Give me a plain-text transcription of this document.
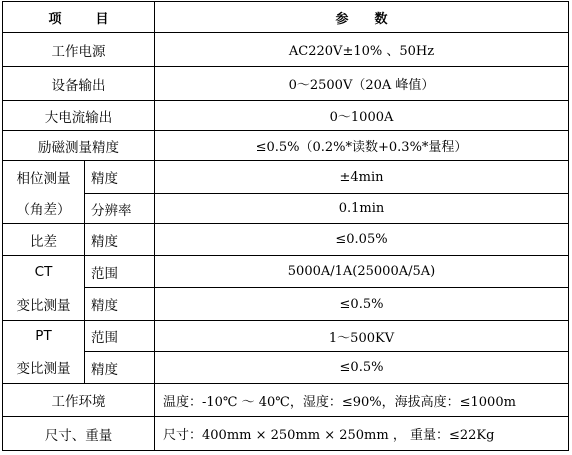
项 目		参 数
工作电源		AC220V±10% 、50Hz
设备输出		0～2500V（20A 峰值）
大电流输出		0～1000A
励磁测量精度		≤0.5%（0.2%*读数+0.3%*量程）
相位测量	精度	±4min
（角差）	分辨率	0.1min
比差	精度	≤0.05%
CT	范围	5000A/1A(25000A/5A)
变比测量	精度	≤0.5%
PT	范围	1～500KV
变比测量	精度	≤0.5%
工作环境		温度：-10℃ ～ 40℃，湿度：≤90%，海拔高度：≤1000m
尺寸、重量		尺寸：400mm × 250mm × 250mm ， 重量：≤22Kg
